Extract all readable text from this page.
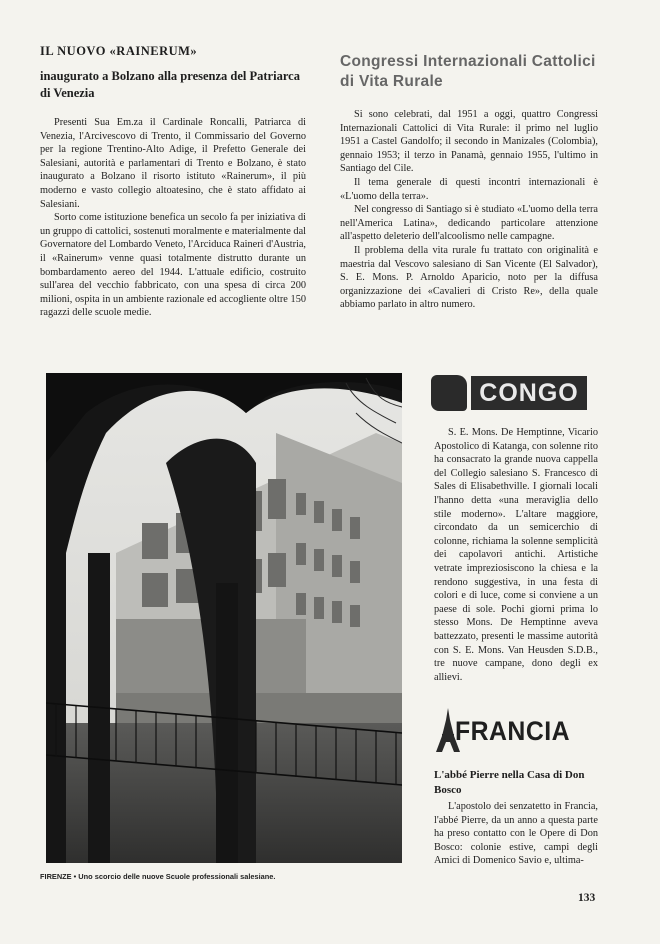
IL NUOVO «RAINERUM»
inaugurato a Bolzano alla presenza del Patriarca di Venezia

Presenti Sua Em.za il Cardinale Roncalli, Patriarca di Venezia, l'Arcivescovo di Trento, il Commissario del Governo per la regione Trentino-Alto Adige, il Prefetto Generale dei Salesiani, autorità e parlamentari di Trento e Bolzano, è stato inaugurato a Bolzano il risorto istituto «Rainerum», il più moderno e vasto collegio altoatesino, che è stato affidato ai Salesiani.

Sorto come istituzione benefica un secolo fa per iniziativa di un gruppo di cattolici, sostenuti moralmente e materialmente dal Governatore del Lombardo Veneto, l'Arciduca Raineri d'Austria, il «Rainerum» venne quasi totalmente distrutto durante un bombardamento aereo del 1944. L'attuale edificio, costruito sull'area del vecchio fabbricato, con una spesa di circa 200 milioni, ospita in un ambiente razionale ed accogliente oltre 150 ragazzi delle scuole medie.

Congressi Internazionali Cattolici di Vita Rurale

Si sono celebrati, dal 1951 a oggi, quattro Congressi Internazionali Cattolici di Vita Rurale: il primo nel luglio 1951 a Castel Gandolfo; il secondo in Manizales (Colombia), gennaio 1953; il terzo in Panamà, gennaio 1955, l'ultimo in Santiago del Cile.

Il tema generale di questi incontri internazionali è «L'uomo della terra».

Nel congresso di Santiago si è studiato «L'uomo della terra nell'America Latina», dedicando particolare attenzione all'aspetto deleterio dell'alcoolismo nelle campagne.

Il problema della vita rurale fu trattato con originalità e maestria dal Vescovo salesiano di San Vicente (El Salvador), S. E. Mons. P. Arnoldo Aparicio, noto per la diffusa organizzazione dei «Cavalieri di Cristo Re», della quale abbiamo parlato in altro numero.

FIRENZE • Uno scorcio delle nuove Scuole professionali salesiane.
CONGO

S. E. Mons. De Hemptinne, Vicario Apostolico di Katanga, con solenne rito ha consacrato la grande nuova cappella del Collegio salesiano S. Francesco di Sales di Elisabethville. I giornali locali l'hanno detta «una meraviglia dello stile moderno». L'altare maggiore, circondato da un semicerchio di colonne, richiama la solenne semplicità dei capolavori antichi. Artistiche vetrate impreziosiscono la chiesa e la rendono suggestiva, in una festa di colori e di luce, come si conviene a un paese di sole. Pochi giorni prima lo stesso Mons. De Hemptinne aveva battezzato, presenti le massime autorità con S. E. Mons. Van Heusden S.D.B., tre nuove campane, dono degli ex allievi.

FRANCIA
L'abbé Pierre nella Casa di Don Bosco

L'apostolo dei senzatetto in Francia, l'abbé Pierre, da un anno a questa parte ha preso contatto con le Opere di Don Bosco: colonie estive, campi degli Amici di Domenico Savio e, ultima-

133
